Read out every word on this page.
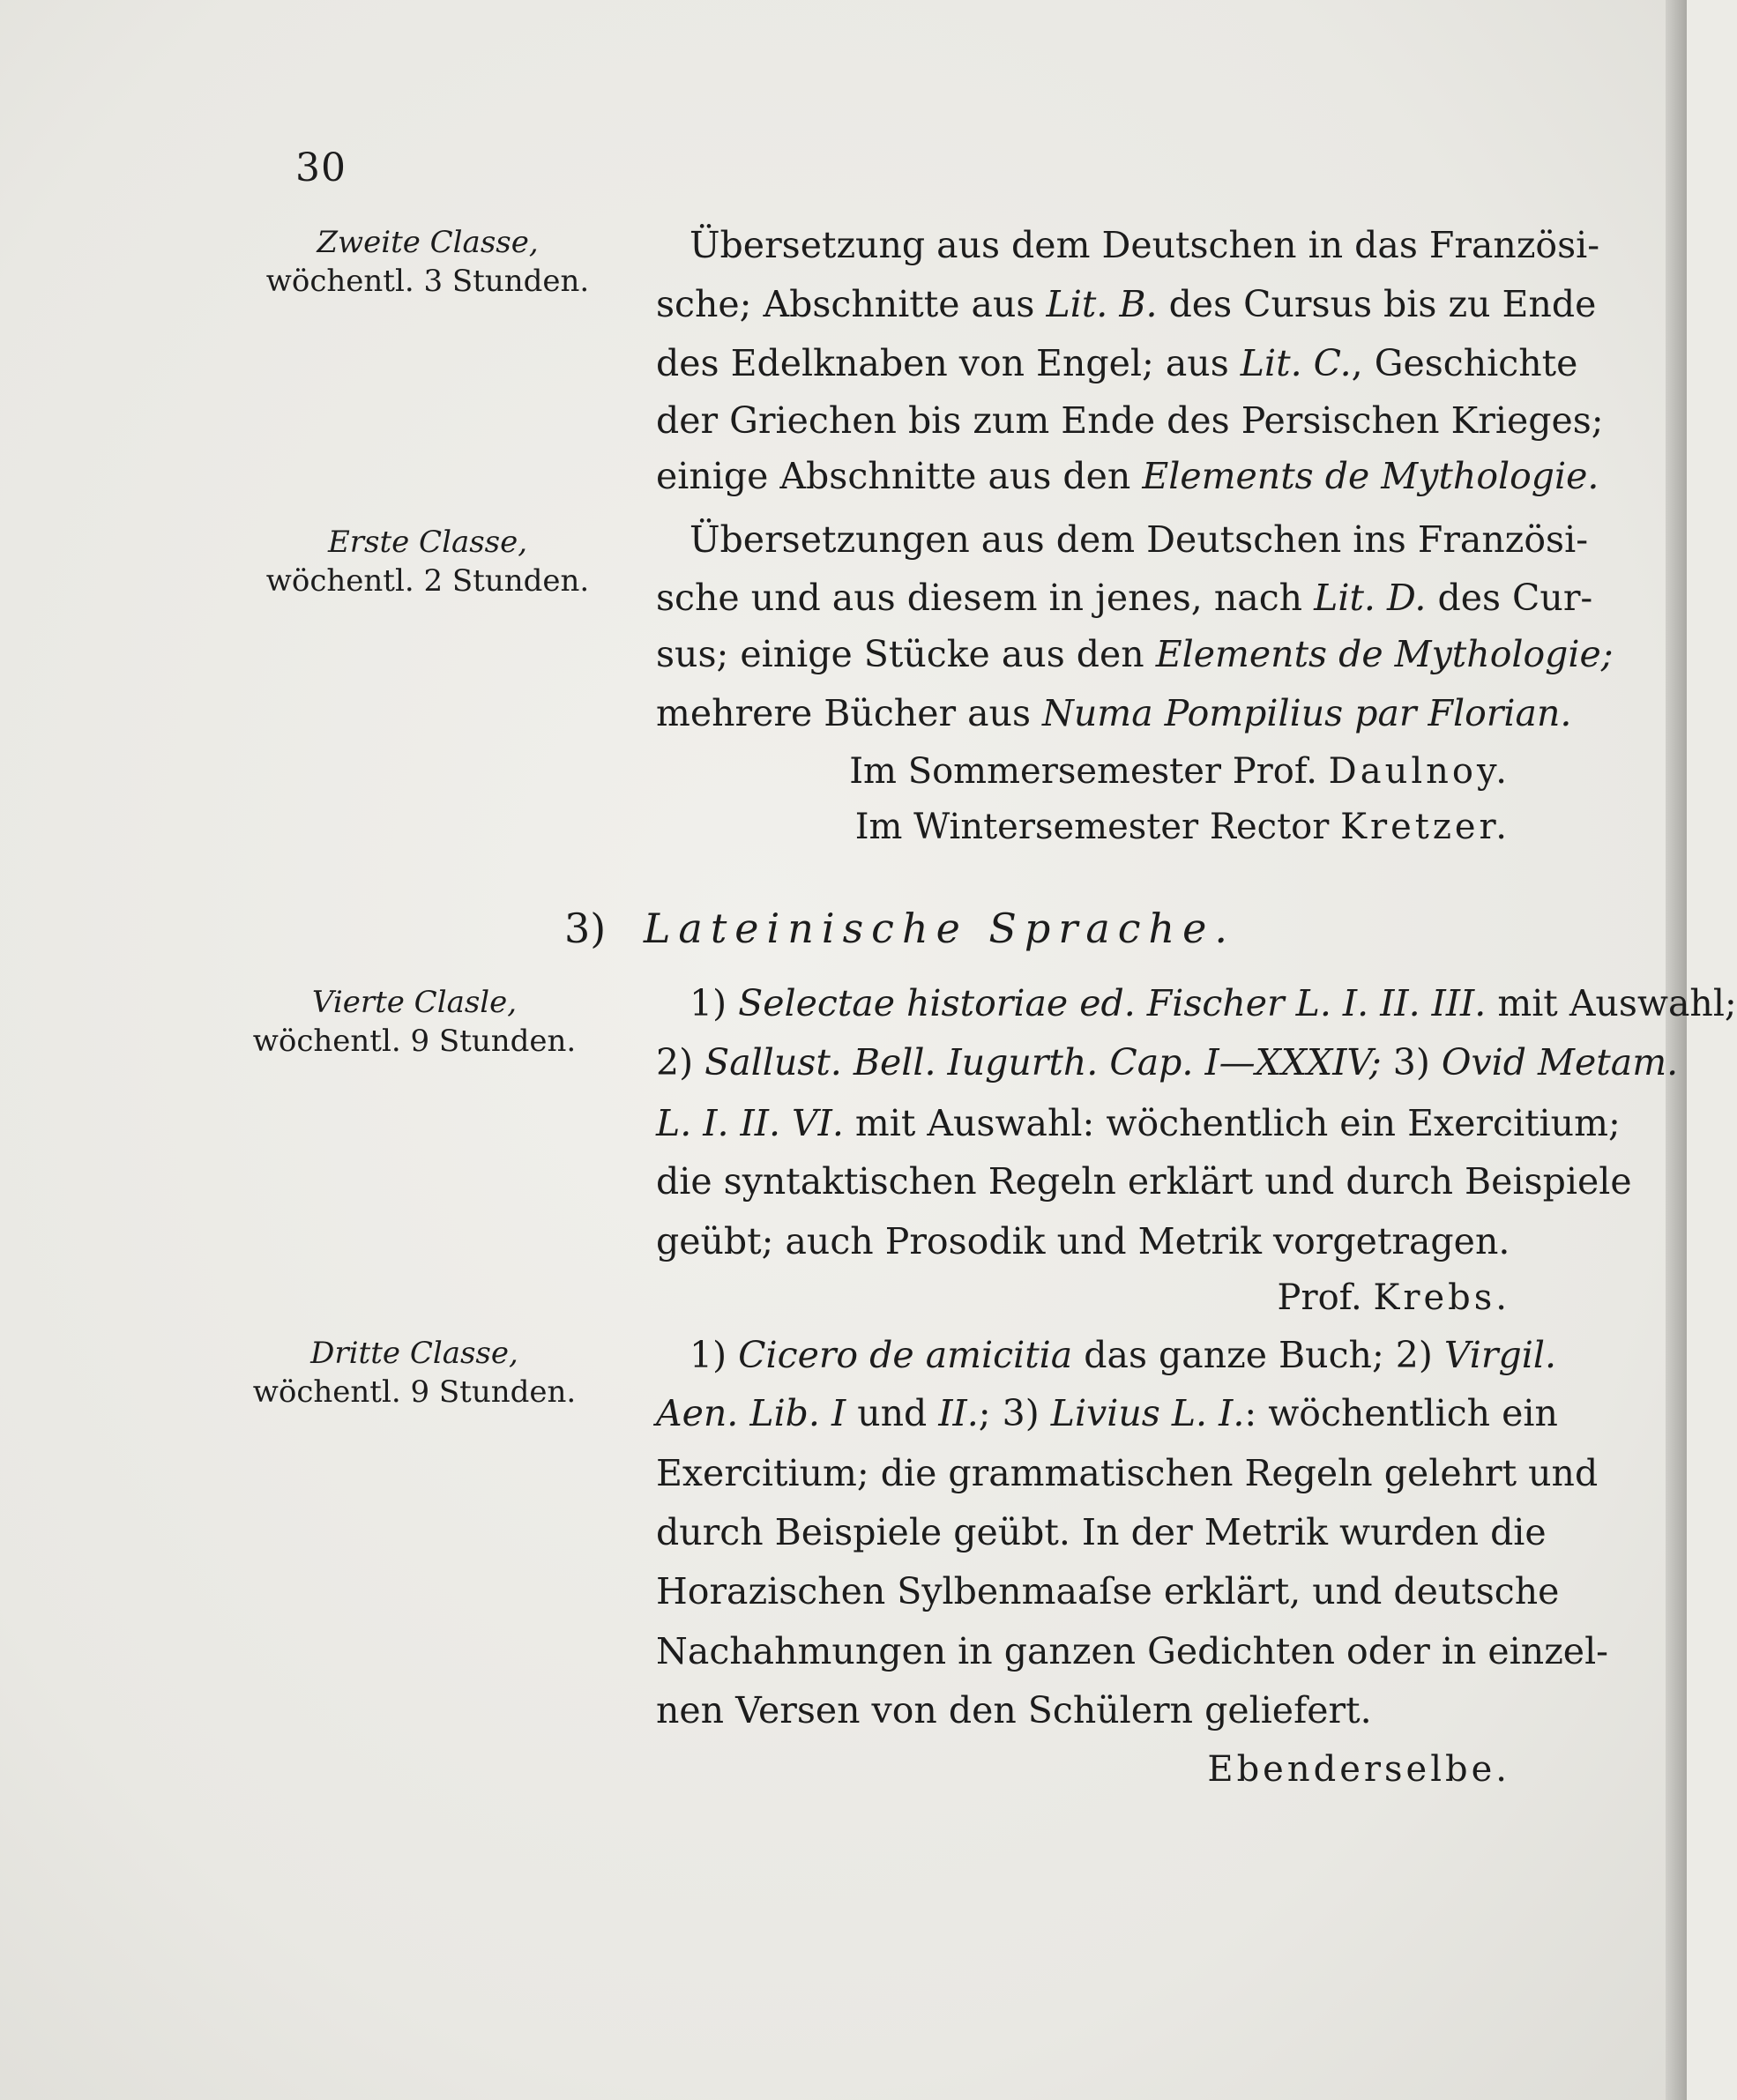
30
Zweite Classe,
wöchentl. 3 Stunden.
Übersetzung aus dem Deutschen in das Französi-
sche; Abschnitte aus Lit. B. des Cursus bis zu Ende
des Edelknaben von Engel; aus Lit. C., Geschichte
der Griechen bis zum Ende des Persischen Krieges;
einige Abschnitte aus den Elements de Mythologie.
Erste Classe,
wöchentl. 2 Stunden.
Übersetzungen aus dem Deutschen ins Französi-
sche und aus diesem in jenes, nach Lit. D. des Cur-
sus; einige Stücke aus den Elements de Mythologie;
mehrere Bücher aus Numa Pompilius par Florian.
Im Sommersemester Prof. Daulnoy.
Im Wintersemester Rector Kretzer.
3) Lateinische Sprache.
Vierte Clasle,
wöchentl. 9 Stunden.
1) Selectae historiae ed. Fischer L. I. II. III. mit Auswahl;
2) Sallust. Bell. Iugurth. Cap. I—XXXIV; 3) Ovid Metam.
L. I. II. VI. mit Auswahl: wöchentlich ein Exercitium;
die syntaktischen Regeln erklärt und durch Beispiele
geübt; auch Prosodik und Metrik vorgetragen.
Prof. Krebs.
Dritte Classe,
wöchentl. 9 Stunden.
1) Cicero de amicitia das ganze Buch; 2) Virgil.
Aen. Lib. I und II.; 3) Livius L. I.: wöchentlich ein
Exercitium; die grammatischen Regeln gelehrt und
durch Beispiele geübt. In der Metrik wurden die
Horazischen Sylbenmaaſse erklärt, und deutsche
Nachahmungen in ganzen Gedichten oder in einzel-
nen Versen von den Schülern geliefert.
Ebenderselbe.
